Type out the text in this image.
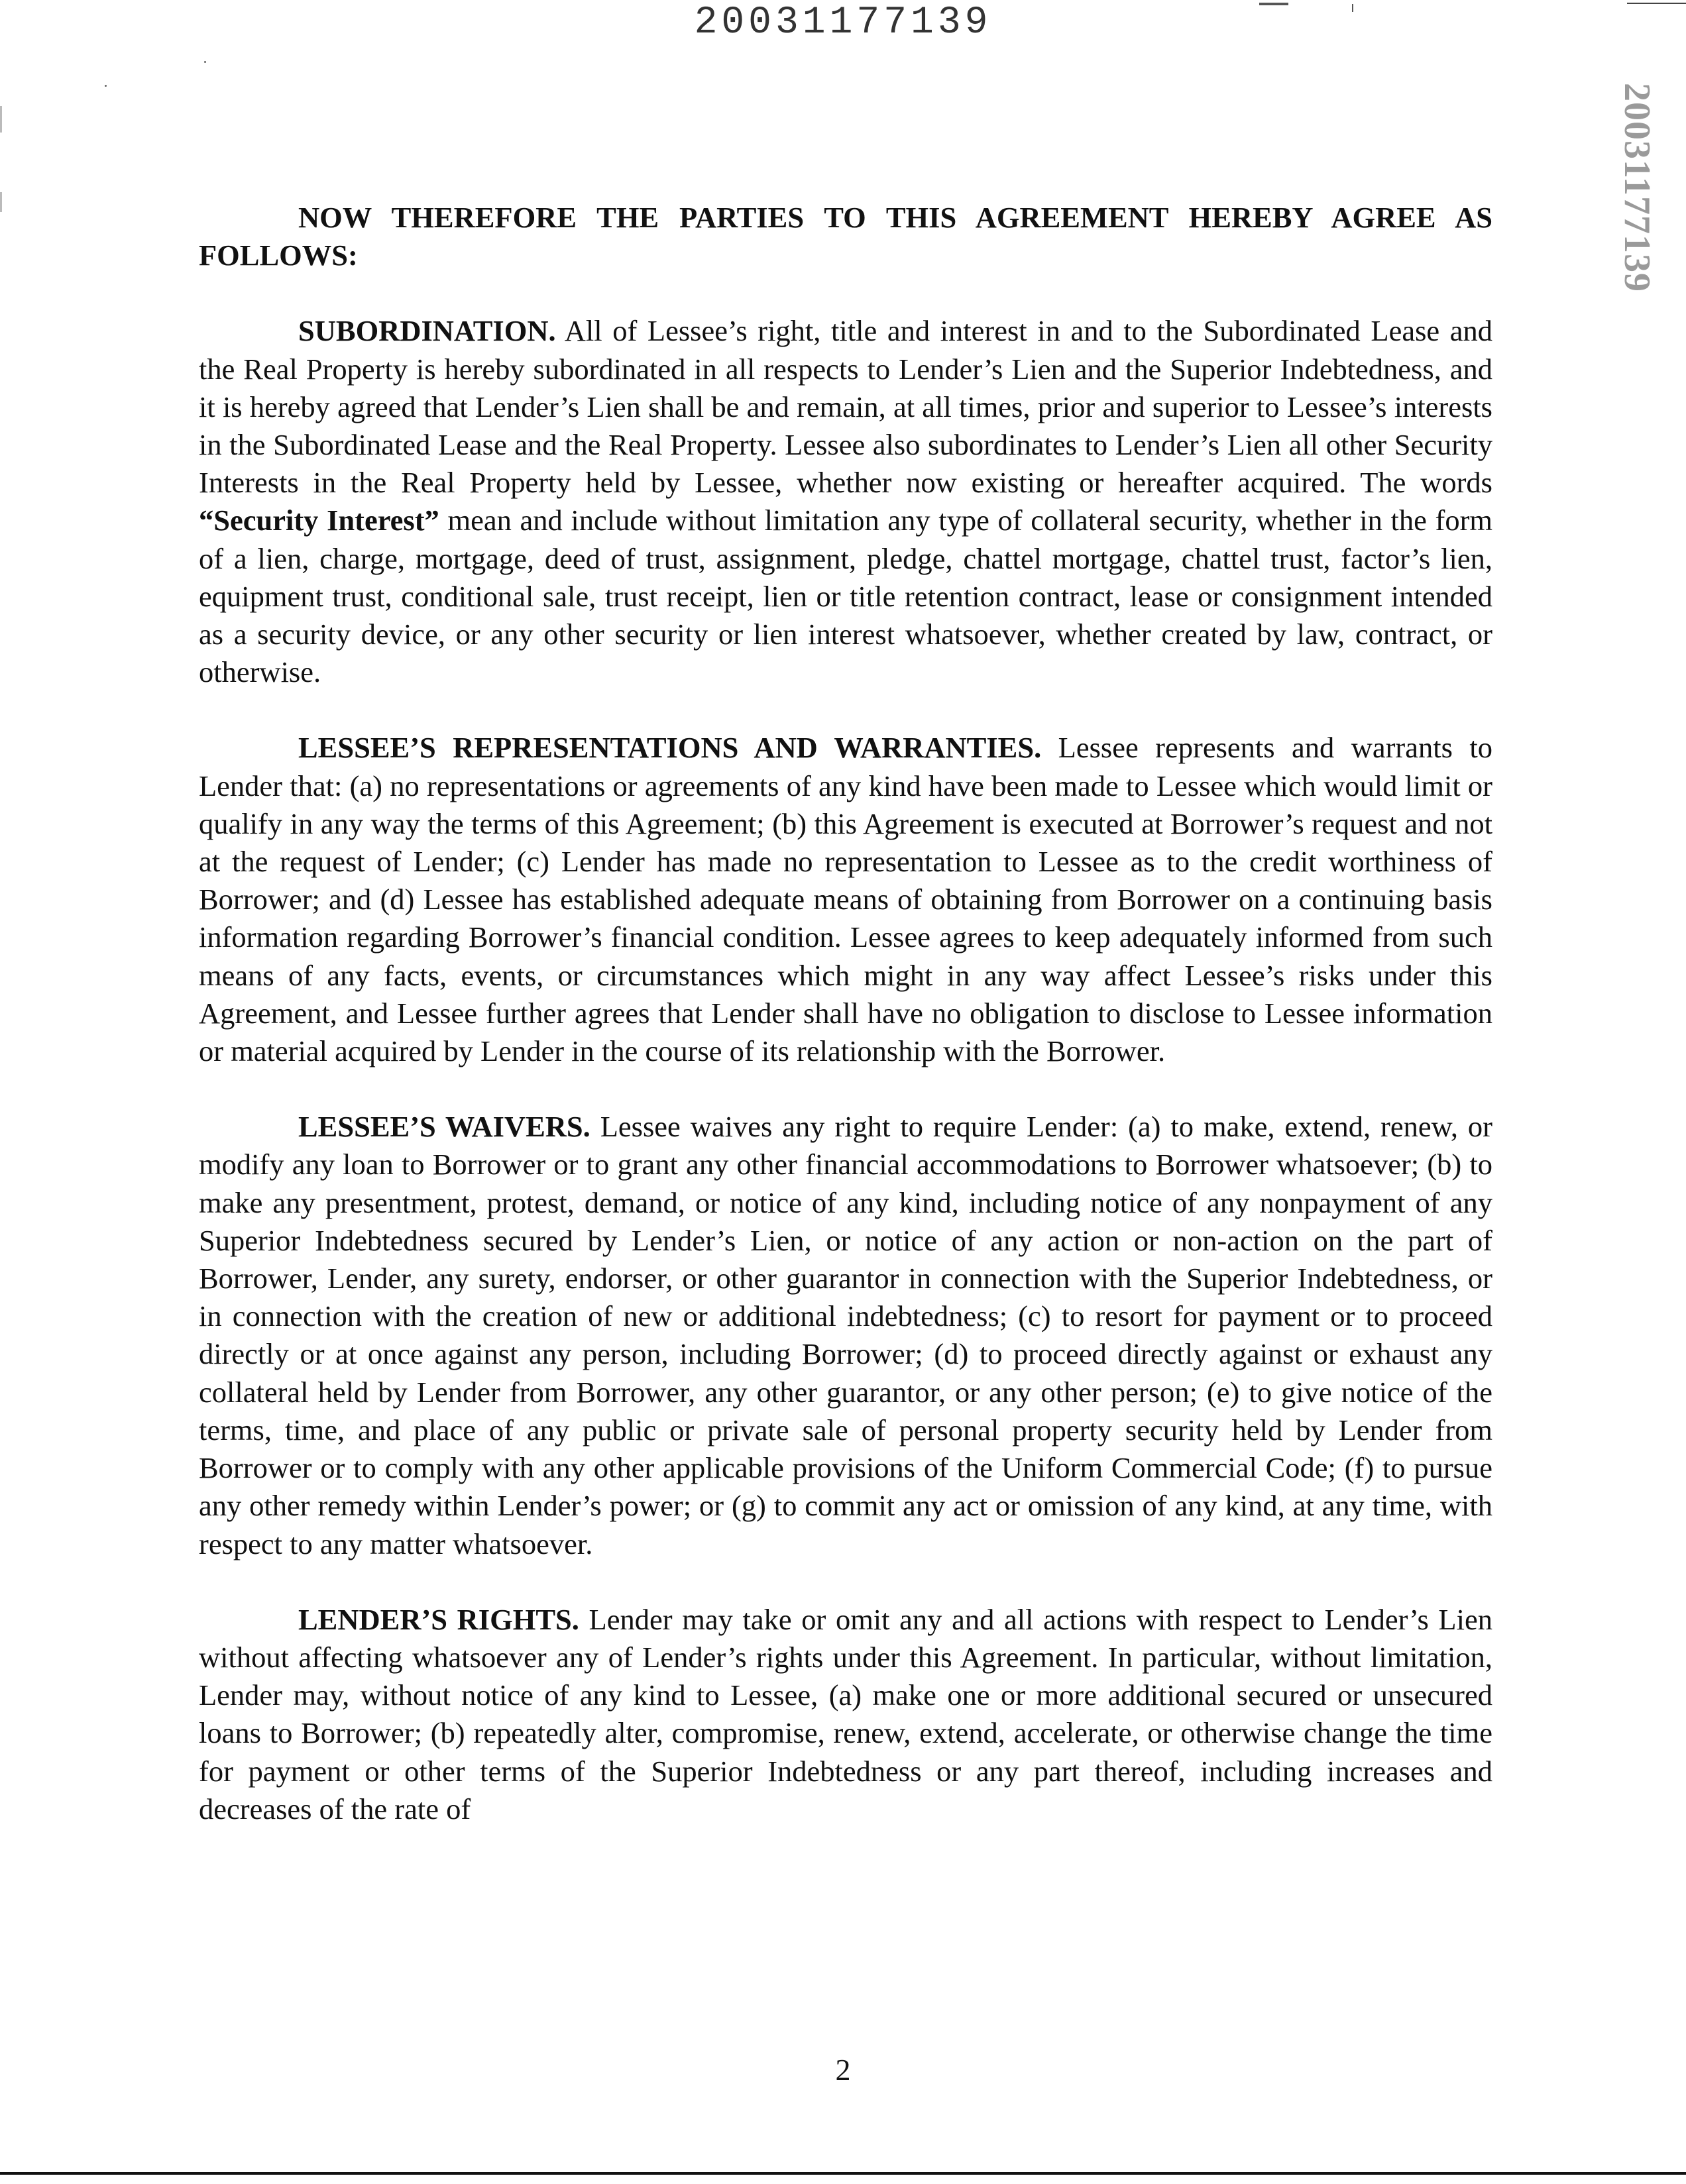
20031177139
20031177139

NOW THEREFORE THE PARTIES TO THIS AGREEMENT HEREBY AGREE AS FOLLOWS:

SUBORDINATION. All of Lessee’s right, title and interest in and to the Subordinated Lease and the Real Property is hereby subordinated in all respects to Lender’s Lien and the Superior Indebtedness, and it is hereby agreed that Lender’s Lien shall be and remain, at all times, prior and superior to Lessee’s interests in the Subordinated Lease and the Real Property. Lessee also subordinates to Lender’s Lien all other Security Interests in the Real Property held by Lessee, whether now existing or hereafter acquired. The words “Security Interest” mean and include without limitation any type of collateral security, whether in the form of a lien, charge, mortgage, deed of trust, assignment, pledge, chattel mortgage, chattel trust, factor’s lien, equipment trust, conditional sale, trust receipt, lien or title retention contract, lease or consignment intended as a security device, or any other security or lien interest whatsoever, whether created by law, contract, or otherwise.

LESSEE’S REPRESENTATIONS AND WARRANTIES. Lessee represents and warrants to Lender that: (a) no representations or agreements of any kind have been made to Lessee which would limit or qualify in any way the terms of this Agreement; (b) this Agreement is executed at Borrower’s request and not at the request of Lender; (c) Lender has made no representation to Lessee as to the credit worthiness of Borrower; and (d) Lessee has established adequate means of obtaining from Borrower on a continuing basis information regarding Borrower’s financial condition. Lessee agrees to keep adequately informed from such means of any facts, events, or circumstances which might in any way affect Lessee’s risks under this Agreement, and Lessee further agrees that Lender shall have no obligation to disclose to Lessee information or material acquired by Lender in the course of its relationship with the Borrower.

LESSEE’S WAIVERS. Lessee waives any right to require Lender: (a) to make, extend, renew, or modify any loan to Borrower or to grant any other financial accommodations to Borrower whatsoever; (b) to make any presentment, protest, demand, or notice of any kind, including notice of any nonpayment of any Superior Indebtedness secured by Lender’s Lien, or notice of any action or non-action on the part of Borrower, Lender, any surety, endorser, or other guarantor in connection with the Superior Indebtedness, or in connection with the creation of new or additional indebtedness; (c) to resort for payment or to proceed directly or at once against any person, including Borrower; (d) to proceed directly against or exhaust any collateral held by Lender from Borrower, any other guarantor, or any other person; (e) to give notice of the terms, time, and place of any public or private sale of personal property security held by Lender from Borrower or to comply with any other applicable provisions of the Uniform Commercial Code; (f) to pursue any other remedy within Lender’s power; or (g) to commit any act or omission of any kind, at any time, with respect to any matter whatsoever.

LENDER’S RIGHTS. Lender may take or omit any and all actions with respect to Lender’s Lien without affecting whatsoever any of Lender’s rights under this Agreement. In particular, without limitation, Lender may, without notice of any kind to Lessee, (a) make one or more additional secured or unsecured loans to Borrower; (b) repeatedly alter, compromise, renew, extend, accelerate, or otherwise change the time for payment or other terms of the Superior Indebtedness or any part thereof, including increases and decreases of the rate of

2
